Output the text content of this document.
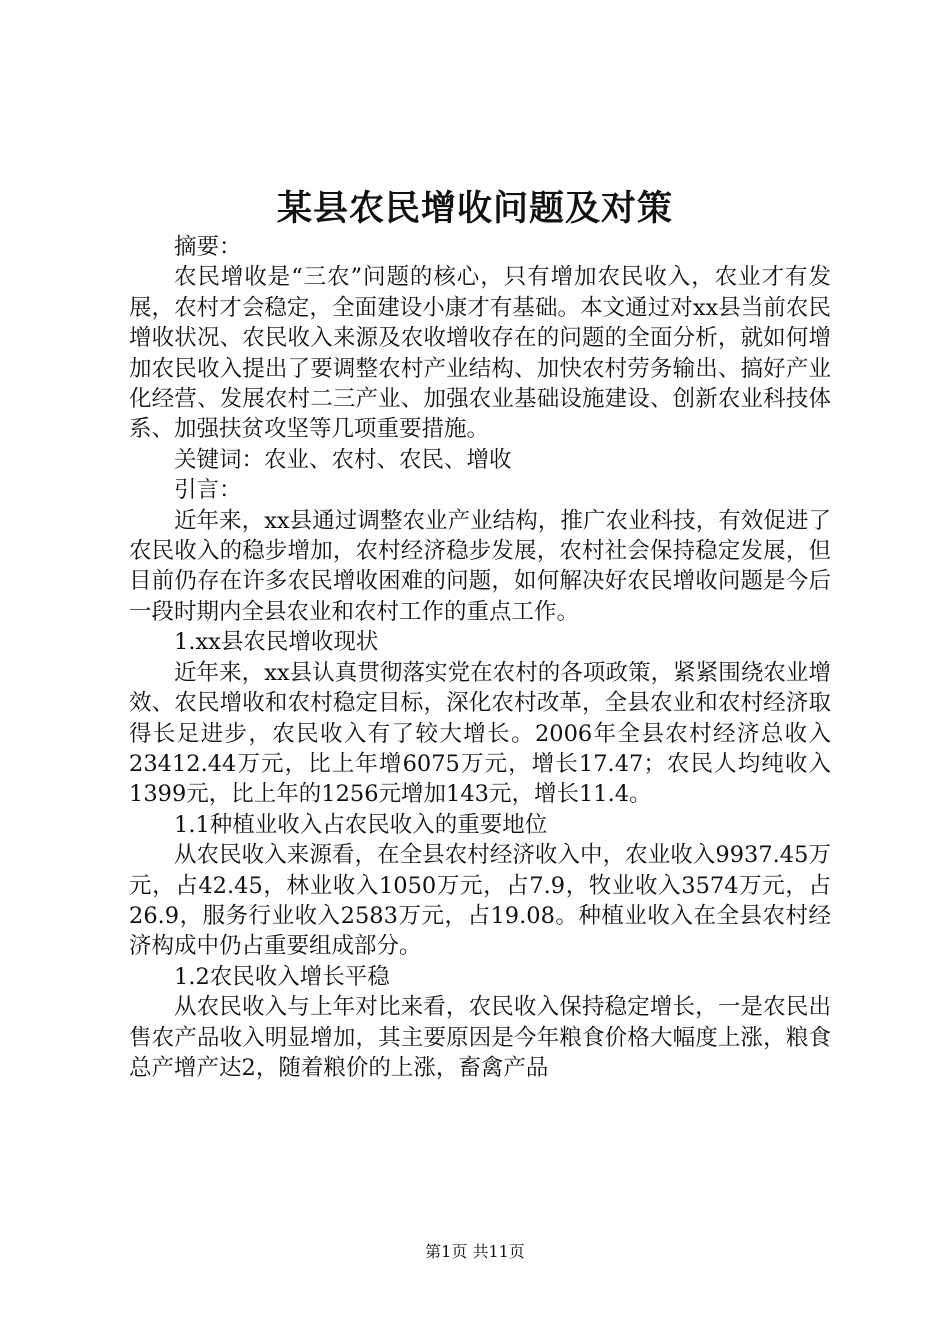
某县农民增收问题及对策

摘要：

农民增收是“三农”问题的核心，只有增加农民收入，农业才有发展，农村才会稳定，全面建设小康才有基础。本文通过对xx县当前农民增收状况、农民收入来源及农收增收存在的问题的全面分析，就如何增加农民收入提出了要调整农村产业结构、加快农村劳务输出、搞好产业化经营、发展农村二三产业、加强农业基础设施建设、创新农业科技体系、加强扶贫攻坚等几项重要措施。

关键词：农业、农村、农民、增收

引言：

近年来，xx县通过调整农业产业结构，推广农业科技，有效促进了农民收入的稳步增加，农村经济稳步发展，农村社会保持稳定发展，但目前仍存在许多农民增收困难的问题，如何解决好农民增收问题是今后一段时期内全县农业和农村工作的重点工作。

1.xx县农民增收现状

近年来，xx县认真贯彻落实党在农村的各项政策，紧紧围绕农业增效、农民增收和农村稳定目标，深化农村改革，全县农业和农村经济取得长足进步，农民收入有了较大增长。2006年全县农村经济总收入23412.44万元，比上年增6075万元，增长17.47；农民人均纯收入1399元，比上年的1256元增加143元，增长11.4。

1.1种植业收入占农民收入的重要地位

从农民收入来源看，在全县农村经济收入中，农业收入9937.45万元，占42.45，林业收入1050万元，占7.9，牧业收入3574万元，占26.9，服务行业收入2583万元，占19.08。种植业收入在全县农村经济构成中仍占重要组成部分。

1.2农民收入增长平稳

从农民收入与上年对比来看，农民收入保持稳定增长，一是农民出售农产品收入明显增加，其主要原因是今年粮食价格大幅度上涨，粮食总产增产达2，随着粮价的上涨，畜禽产品

第1页 共11页
